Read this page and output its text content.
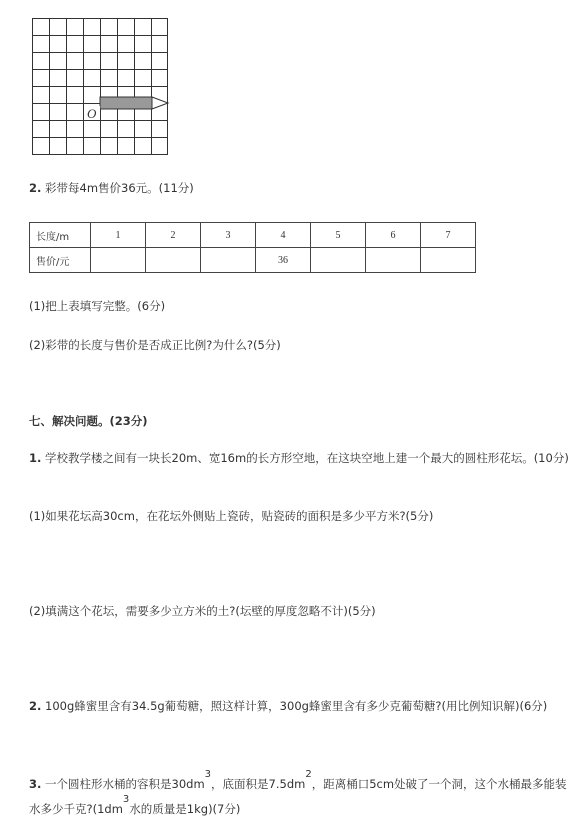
O
2. 彩带每4m售价36元。(11分)
长度/m	1	2	3	4	5	6	7
售价/元				36			
(1)把上表填写完整。(6分)
(2)彩带的长度与售价是否成正比例?为什么?(5分)
七、解决问题。(23分)
1. 学校教学楼之间有一块长20m、宽16m的长方形空地，在这块空地上建一个最大的圆柱形花坛。(10分)
(1)如果花坛高30cm，在花坛外侧贴上瓷砖，贴瓷砖的面积是多少平方米?(5分)
(2)填满这个花坛，需要多少立方米的土?(坛壁的厚度忽略不计)(5分)
2. 100g蜂蜜里含有34.5g葡萄糖，照这样计算，300g蜂蜜里含有多少克葡萄糖?(用比例知识解)(6分)
3. 一个圆柱形水桶的容积是$30dm^3$，底面积是$7.5dm^2$，距离桶口5cm处破了一个洞，这个水桶最多能装水多少千克$?(1dm^3$水的质量是1kg)(7分)
